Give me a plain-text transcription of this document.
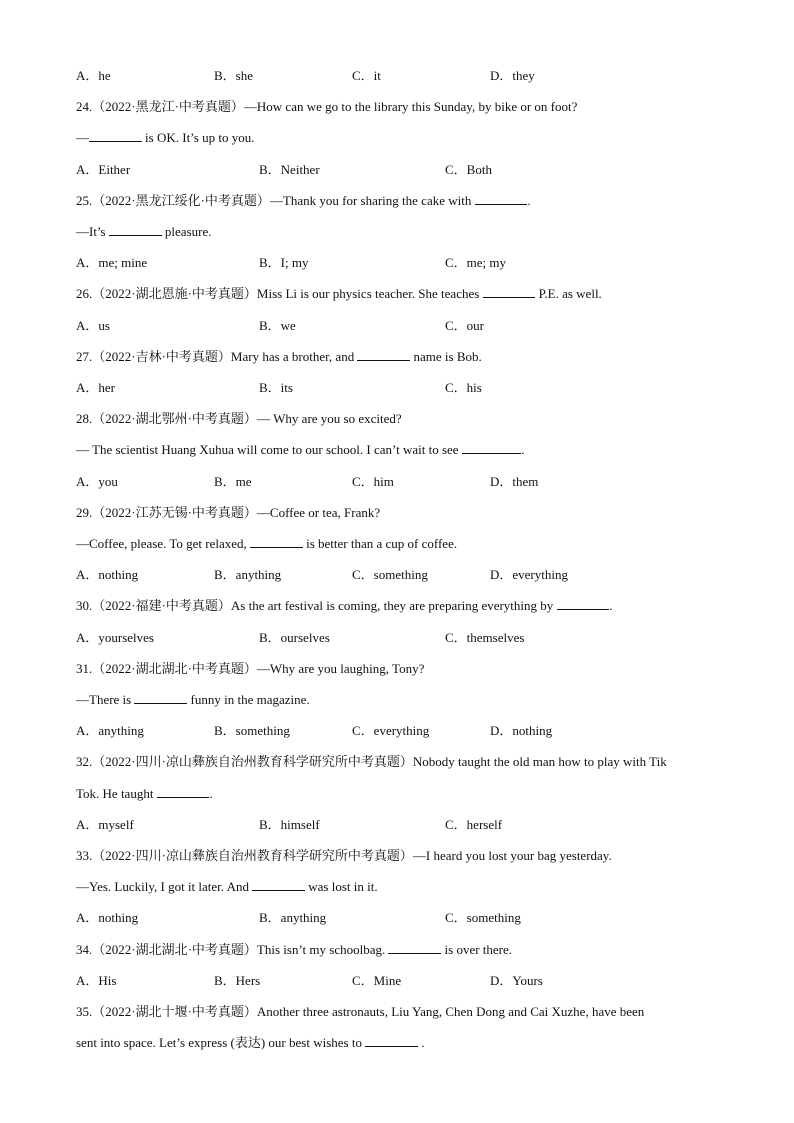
A．he	B．she	C．it	D．they
24.（2022·黑龙江·中考真题）—How can we go to the library this Sunday, by bike or on foot?
—	is OK. It’s up to you.
A．Either	B．Neither	C．Both
25.（2022·黑龙江绥化·中考真题）—Thank you for sharing the cake with	.
—It’s	pleasure.
A．me; mine	B．I; my	C．me; my
26.（2022·湖北恩施·中考真题）Miss Li is our physics teacher. She teaches	P.E. as well.
A．us	B．we	C．our
27.（2022·吉林·中考真题）Mary has a brother, and	name is Bob.
A．her	B．its	C．his
28.（2022·湖北鄂州·中考真题）— Why are you so excited?
— The scientist Huang Xuhua will come to our school. I can’t wait to see	.
A．you	B．me	C．him	D．them
29.（2022·江苏无锡·中考真题）—Coffee or tea, Frank?
—Coffee, please. To get relaxed,	is better than a cup of coffee.
A．nothing	B．anything	C．something	D．everything
30.（2022·福建·中考真题）As the art festival is coming, they are preparing everything by	.
A．yourselves	B．ourselves	C．themselves
31.（2022·湖北湖北·中考真题）—Why are you laughing, Tony?
—There is	funny in the magazine.
A．anything	B．something	C．everything	D．nothing
32.（2022·四川·凉山彝族自治州教育科学研究所中考真题）Nobody taught the old man how to play with Tik
Tok. He taught	.
A．myself	B．himself	C．herself
33.（2022·四川·凉山彝族自治州教育科学研究所中考真题）—I heard you lost your bag yesterday.
—Yes. Luckily, I got it later. And	was lost in it.
A．nothing	B．anything	C．something
34.（2022·湖北湖北·中考真题）This isn’t my schoolbag.	is over there.
A．His	B．Hers	C．Mine	D．Yours
35.（2022·湖北十堰·中考真题）Another three astronauts, Liu Yang, Chen Dong and Cai Xuzhe, have been
sent into space. Let’s express (表达) our best wishes to	.
